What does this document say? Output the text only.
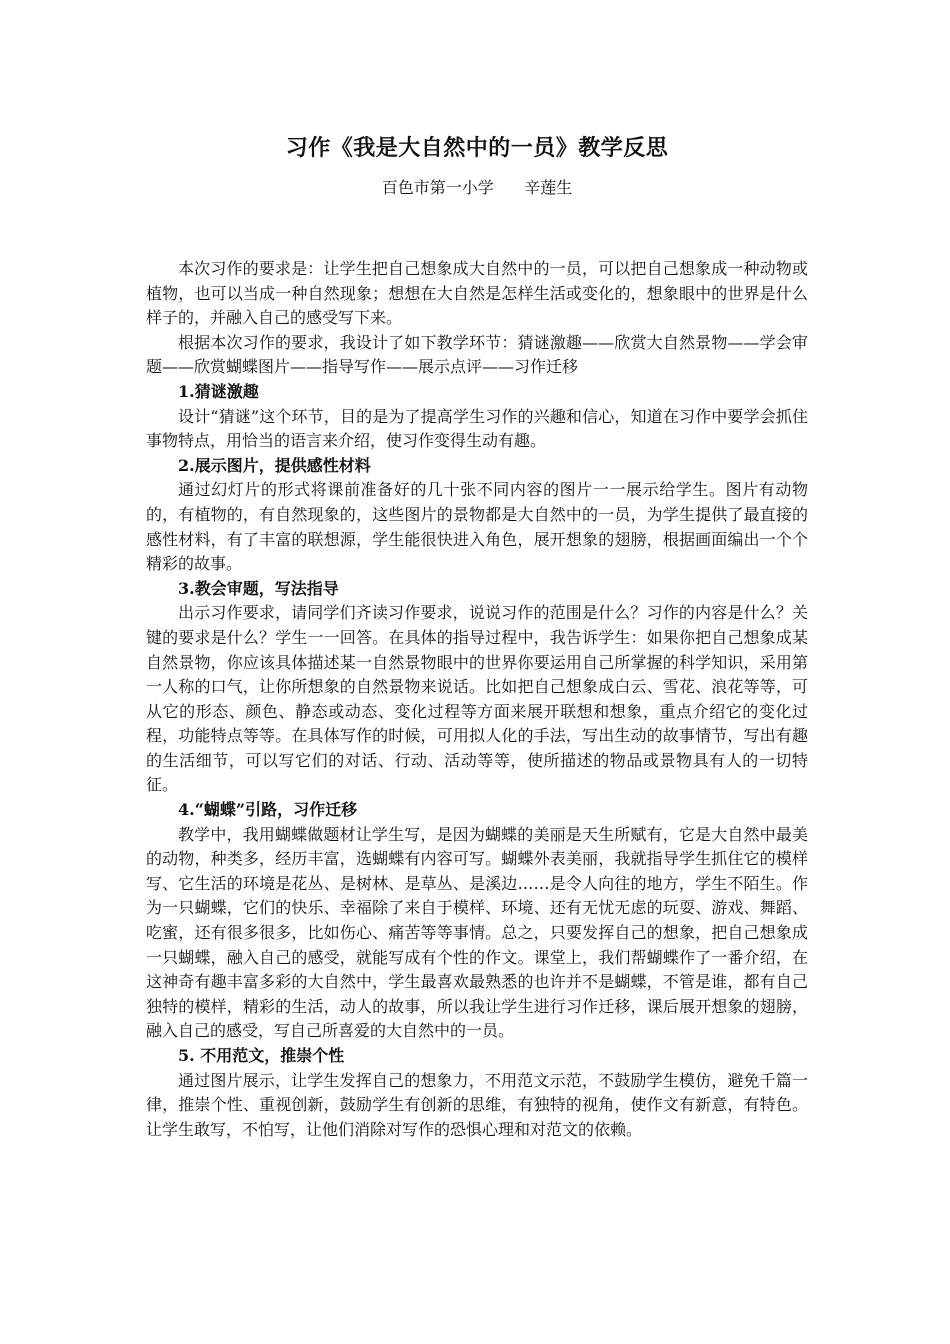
习作《我是大自然中的一员》教学反思
百色市第一小学      辛莲生

本次习作的要求是：让学生把自己想象成大自然中的一员，可以把自己想象成一种动物或植物，也可以当成一种自然现象；想想在大自然是怎样生活或变化的，想象眼中的世界是什么样子的，并融入自己的感受写下来。

根据本次习作的要求，我设计了如下教学环节：猜谜激趣——欣赏大自然景物——学会审题——欣赏蝴蝶图片——指导写作——展示点评——习作迁移

1.猜谜激趣

设计“猜谜”这个环节，目的是为了提高学生习作的兴趣和信心，知道在习作中要学会抓住事物特点，用恰当的语言来介绍，使习作变得生动有趣。

2.展示图片，提供感性材料

通过幻灯片的形式将课前准备好的几十张不同内容的图片一一展示给学生。图片有动物的，有植物的，有自然现象的，这些图片的景物都是大自然中的一员，为学生提供了最直接的感性材料，有了丰富的联想源，学生能很快进入角色，展开想象的翅膀，根据画面编出一个个精彩的故事。

3.教会审题，写法指导

出示习作要求，请同学们齐读习作要求，说说习作的范围是什么？习作的内容是什么？关键的要求是什么？学生一一回答。在具体的指导过程中，我告诉学生：如果你把自己想象成某自然景物，你应该具体描述某一自然景物眼中的世界你要运用自己所掌握的科学知识，采用第一人称的口气，让你所想象的自然景物来说话。比如把自己想象成白云、雪花、浪花等等，可从它的形态、颜色、静态或动态、变化过程等方面来展开联想和想象，重点介绍它的变化过程，功能特点等等。在具体写作的时候，可用拟人化的手法，写出生动的故事情节，写出有趣的生活细节，可以写它们的对话、行动、活动等等，使所描述的物品或景物具有人的一切特征。

4.“蝴蝶”引路，习作迁移

教学中，我用蝴蝶做题材让学生写，是因为蝴蝶的美丽是天生所赋有，它是大自然中最美的动物，种类多，经历丰富，选蝴蝶有内容可写。蝴蝶外表美丽，我就指导学生抓住它的模样写、它生活的环境是花丛、是树林、是草丛、是溪边……是令人向往的地方，学生不陌生。作为一只蝴蝶，它们的快乐、幸福除了来自于模样、环境、还有无忧无虑的玩耍、游戏、舞蹈、吃蜜，还有很多很多，比如伤心、痛苦等等事情。总之，只要发挥自己的想象，把自己想象成一只蝴蝶，融入自己的感受，就能写成有个性的作文。课堂上，我们帮蝴蝶作了一番介绍，在这神奇有趣丰富多彩的大自然中，学生最喜欢最熟悉的也许并不是蝴蝶，不管是谁，都有自己独特的模样，精彩的生活，动人的故事，所以我让学生进行习作迁移，课后展开想象的翅膀，融入自己的感受，写自己所喜爱的大自然中的一员。

5. 不用范文，推崇个性

通过图片展示，让学生发挥自己的想象力，不用范文示范，不鼓励学生模仿，避免千篇一律，推崇个性、重视创新，鼓励学生有创新的思维，有独特的视角，使作文有新意，有特色。让学生敢写，不怕写，让他们消除对写作的恐惧心理和对范文的依赖。
